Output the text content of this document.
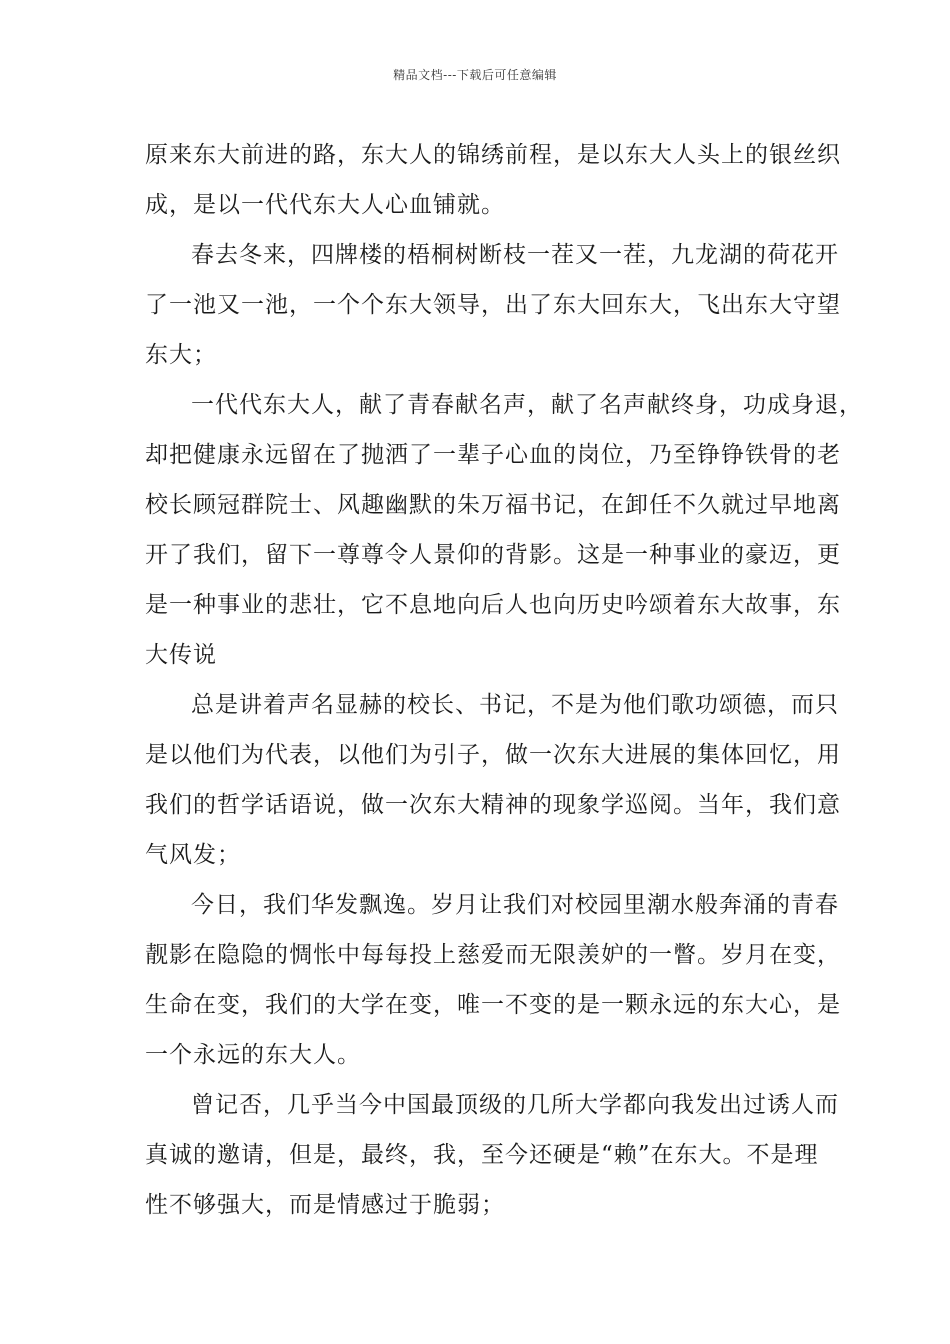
精品文档---下载后可任意编辑
原来东大前进的路，东大人的锦绣前程，是以东大人头上的银丝织
成，是以一代代东大人心血铺就。
春去冬来，四牌楼的梧桐树断枝一茬又一茬，九龙湖的荷花开
了一池又一池，一个个东大领导，出了东大回东大，飞出东大守望
东大；
一代代东大人，献了青春献名声，献了名声献终身，功成身退，
却把健康永远留在了抛洒了一辈子心血的岗位，乃至铮铮铁骨的老
校长顾冠群院士、风趣幽默的朱万福书记，在卸任不久就过早地离
开了我们，留下一尊尊令人景仰的背影。这是一种事业的豪迈，更
是一种事业的悲壮，它不息地向后人也向历史吟颂着东大故事，东
大传说
总是讲着声名显赫的校长、书记，不是为他们歌功颂德，而只
是以他们为代表，以他们为引子，做一次东大进展的集体回忆，用
我们的哲学话语说，做一次东大精神的现象学巡阅。当年，我们意
气风发；
今日，我们华发飘逸。岁月让我们对校园里潮水般奔涌的青春
靓影在隐隐的惆怅中每每投上慈爱而无限羡妒的一瞥。岁月在变，
生命在变，我们的大学在变，唯一不变的是一颗永远的东大心，是
一个永远的东大人。
曾记否，几乎当今中国最顶级的几所大学都向我发出过诱人而
真诚的邀请，但是，最终，我，至今还硬是“赖”在东大。不是理
性不够强大，而是情感过于脆弱；
